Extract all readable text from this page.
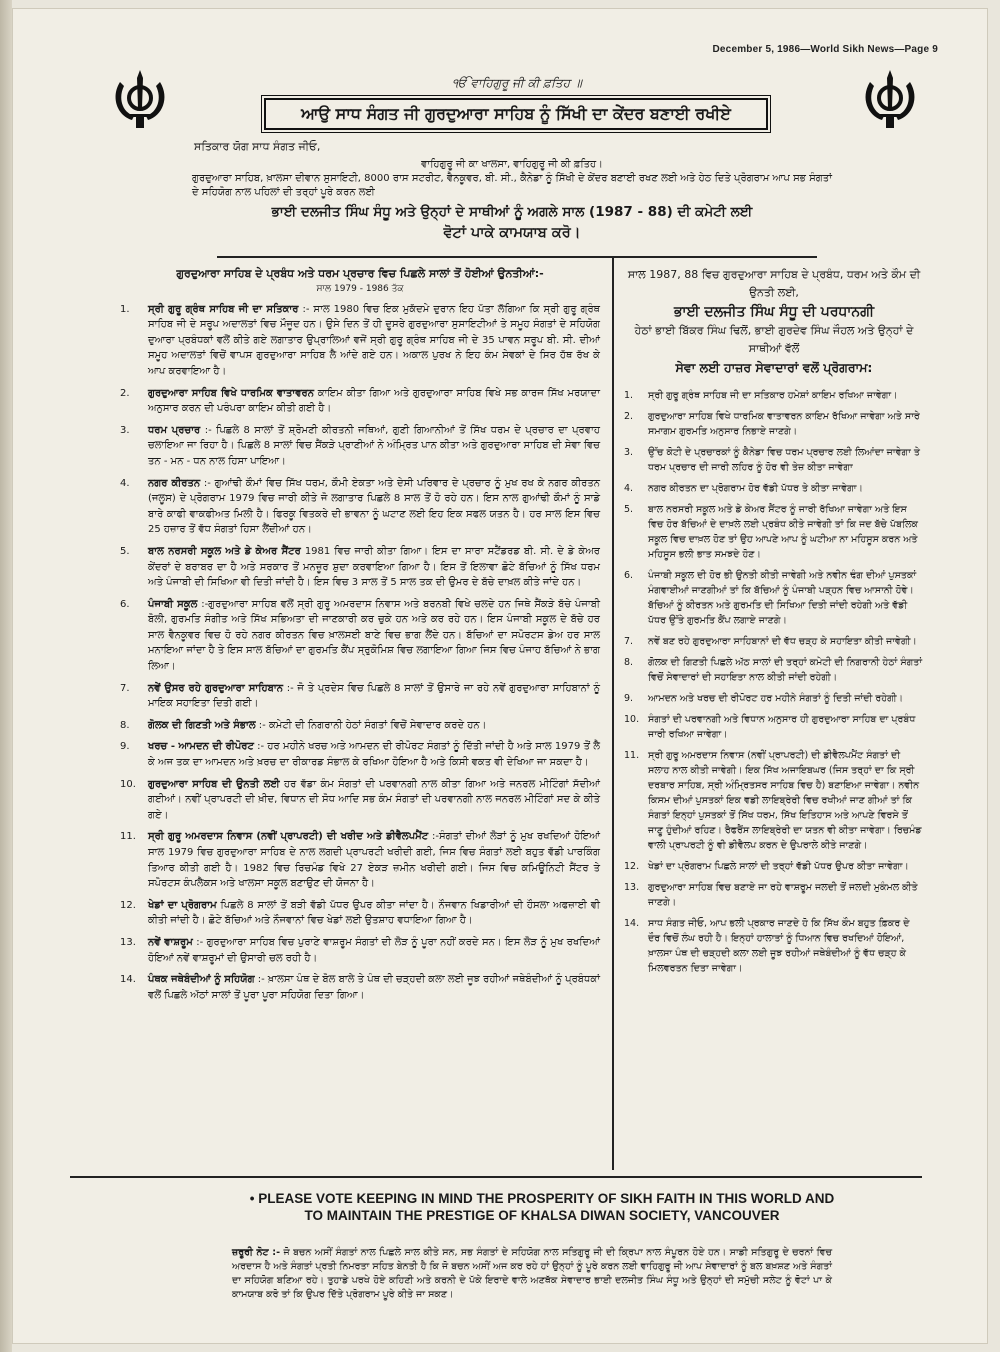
December 5, 1986—World Sikh News—Page 9
ੴ ਵਾਹਿਗੁਰੂ ਜੀ ਕੀ ਫ਼ਤਿਹ ॥
ਆਉ ਸਾਧ ਸੰਗਤ ਜੀ ਗੁਰਦੁਆਰਾ ਸਾਹਿਬ ਨੂੰ ਸਿੱਖੀ ਦਾ ਕੇਂਦਰ ਬਣਾਈ ਰਖੀਏ
ਸਤਿਕਾਰ ਯੋਗ ਸਾਧ ਸੰਗਤ ਜੀਓ,
ਵਾਹਿਗੁਰੂ ਜੀ ਕਾ ਖਾਲਸਾ, ਵਾਹਿਗੁਰੂ ਜੀ ਕੀ ਫ਼ਤਿਹ।
ਗੁਰਦੁਆਰਾ ਸਾਹਿਬ, ਖ਼ਾਲਸਾ ਦੀਵਾਨ ਸੁਸਾਇਟੀ, 8000 ਰਾਸ ਸਟਰੀਟ, ਵੈਨਕੂਵਰ, ਬੀ. ਸੀ., ਕੈਨੇਡਾ ਨੂੰ ਸਿੱਖੀ ਦੇ ਕੇਂਦਰ ਬਣਾਈ ਰਖਣ ਲਈ ਅਤੇ ਹੇਠ ਦਿਤੇ ਪ੍ਰੋਗਰਾਮ ਆਪ ਸਭ ਸੰਗਤਾਂ ਦੇ ਸਹਿਯੋਗ ਨਾਲ ਪਹਿਲਾਂ ਦੀ ਤਰ੍ਹਾਂ ਪੂਰੇ ਕਰਨ ਲਈ
ਭਾਈ ਦਲਜੀਤ ਸਿੰਘ ਸੰਧੂ ਅਤੇ ਉਨ੍ਹਾਂ ਦੇ ਸਾਥੀਆਂ ਨੂੰ ਅਗਲੇ ਸਾਲ (1987 - 88) ਦੀ ਕਮੇਟੀ ਲਈ
ਵੋਟਾਂ ਪਾਕੇ ਕਾਮਯਾਬ ਕਰੋ।
ਗੁਰਦੁਆਰਾ ਸਾਹਿਬ ਦੇ ਪ੍ਰਬੰਧ ਅਤੇ ਧਰਮ ਪ੍ਰਚਾਰ ਵਿਚ ਪਿਛਲੇ ਸਾਲਾਂ ਤੋਂ ਹੋਈਆਂ ਉਨਤੀਆਂ:-
ਸਾਲ 1979 - 1986 ਤੱਕ
1.	ਸ੍ਰੀ ਗੁਰੂ ਗ੍ਰੰਥ ਸਾਹਿਬ ਜੀ ਦਾ ਸਤਿਕਾਰ :- ਸਾਲ 1980 ਵਿਚ ਇਕ ਮੁਕੱਦਮੇ ਦੁਰਾਨ ਇਹ ਪੱਤਾ ਲੱਗਿਆ ਕਿ ਸ੍ਰੀ ਗੁਰੂ ਗ੍ਰੰਥ ਸਾਹਿਬ ਜੀ ਦੇ ਸਰੂਪ ਅਦਾਲਤਾਂ ਵਿਚ ਮੌਜੂਦ ਹਨ। ਉਸੇ ਦਿਨ ਤੋਂ ਹੀ ਦੂਸਰੇ ਗੁਰਦੁਆਰਾ ਸੁਸਾਇਟੀਆਂ ਤੇ ਸਮੂਹ ਸੰਗਤਾਂ ਦੇ ਸਹਿਯੋਗ ਦੁਆਰਾ ਪ੍ਰਬੰਧਕਾਂ ਵਲੋਂ ਕੀਤੇ ਗਏ ਲਗਾਤਾਰ ਉਪ੍ਰਾਲਿਆਂ ਵਜੋਂ ਸ੍ਰੀ ਗੁਰੂ ਗ੍ਰੰਥ ਸਾਹਿਬ ਜੀ ਦੇ 35 ਪਾਵਨ ਸਰੂਪ ਬੀ. ਸੀ. ਦੀਆਂ ਸਮੂਹ ਅਦਾਲਤਾਂ ਵਿਚੋਂ ਵਾਪਸ ਗੁਰਦੁਆਰਾ ਸਾਹਿਬ ਲੈ ਆਂਦੇ ਗਏ ਹਨ। ਅਕਾਲ ਪੁਰਖ ਨੇ ਇਹ ਕੰਮ ਸੇਵਕਾਂ ਦੇ ਸਿਰ ਹੱਥ ਰੱਖ ਕੇ ਆਪ ਕਰਵਾਇਆ ਹੈ।
2.	ਗੁਰਦੁਆਰਾ ਸਾਹਿਬ ਵਿਖੇ ਧਾਰਮਿਕ ਵਾਤਾਵਰਨ ਕਾਇਮ ਕੀਤਾ ਗਿਆ ਅਤੇ ਗੁਰਦੁਆਰਾ ਸਾਹਿਬ ਵਿਖੇ ਸਭ ਕਾਰਜ ਸਿੱਖ ਮਰਯਾਦਾ ਅਨੁਸਾਰ ਕਰਨ ਦੀ ਪਰੰਪਰਾ ਕਾਇਮ ਕੀਤੀ ਗਈ ਹੈ।
3.	ਧਰਮ ਪ੍ਰਚਾਰ :- ਪਿਛਲੇ 8 ਸਾਲਾਂ ਤੋਂ ਸ਼੍ਰੋਮਣੀ ਕੀਰਤਨੀ ਜਥਿਆਂ, ਗੁਣੀ ਗਿਆਨੀਆਂ ਤੋਂ ਸਿੱਖ ਧਰਮ ਦੇ ਪ੍ਰਚਾਰ ਦਾ ਪ੍ਰਵਾਹ ਚਲਾਇਆ ਜਾ ਰਿਹਾ ਹੈ। ਪਿਛਲੇ 8 ਸਾਲਾਂ ਵਿਚ ਸੈਂਕੜੇ ਪ੍ਰਾਣੀਆਂ ਨੇ ਅੰਮ੍ਰਿਤ ਪਾਨ ਕੀਤਾ ਅਤੇ ਗੁਰਦੁਆਰਾ ਸਾਹਿਬ ਦੀ ਸੇਵਾ ਵਿਚ ਤਨ - ਮਨ - ਧਨ ਨਾਲ ਹਿਸਾ ਪਾਇਆ।
4.	ਨਗਰ ਕੀਰਤਨ :- ਗੁਆਂਢੀ ਕੌਮਾਂ ਵਿਚ ਸਿੱਖ ਧਰਮ, ਕੌਮੀ ਏਕਤਾ ਅਤੇ ਦੇਸੀ ਪਰਿਵਾਰ ਦੇ ਪ੍ਰਚਾਰ ਨੂੰ ਮੁਖ ਰਖ ਕੇ ਨਗਰ ਕੀਰਤਨ (ਜਲੂਸ) ਦੇ ਪ੍ਰੋਗਰਾਮ 1979 ਵਿਚ ਜਾਰੀ ਕੀਤੇ ਜੋ ਲਗਾਤਾਰ ਪਿਛਲੇ 8 ਸਾਲ ਤੋਂ ਹੋ ਰਹੇ ਹਨ। ਇਸ ਨਾਲ ਗੁਆਂਢੀ ਕੌਮਾਂ ਨੂੰ ਸਾਡੇ ਬਾਰੇ ਕਾਫੀ ਵਾਕਫੀਅਤ ਮਿਲੀ ਹੈ। ਫਿਰਕੂ ਵਿਤਕਰੇ ਦੀ ਭਾਵਨਾ ਨੂੰ ਘਟਾਣ ਲਈ ਇਹ ਇਕ ਸਫਲ ਯਤਨ ਹੈ। ਹਰ ਸਾਲ ਇਸ ਵਿਚ 25 ਹਜ਼ਾਰ ਤੋਂ ਵੱਧ ਸੰਗਤਾਂ ਹਿਸਾ ਲੈਂਦੀਆਂ ਹਨ।
5.	ਬਾਲ ਨਰਸਰੀ ਸਕੂਲ ਅਤੇ ਡੇ ਕੇਅਰ ਸੈਂਟਰ 1981 ਵਿਚ ਜਾਰੀ ਕੀਤਾ ਗਿਆ। ਇਸ ਦਾ ਸਾਰਾ ਸਟੈਂਡਰਡ ਬੀ. ਸੀ. ਦੇ ਡੇ ਕੇਅਰ ਕੇਂਦਰਾਂ ਦੇ ਬਰਾਬਰ ਦਾ ਹੈ ਅਤੇ ਸਰਕਾਰ ਤੋਂ ਮਨਜ਼ੂਰ ਸ਼ੁਦਾ ਕਰਵਾਇਆ ਗਿਆ ਹੈ। ਇਸ ਤੋਂ ਇਲਾਵਾ ਛੋਟੇ ਬੱਚਿਆਂ ਨੂੰ ਸਿੱਖ ਧਰਮ ਅਤੇ ਪੰਜਾਬੀ ਦੀ ਸਿਖਿਆ ਵੀ ਦਿਤੀ ਜਾਂਦੀ ਹੈ। ਇਸ ਵਿਚ 3 ਸਾਲ ਤੋਂ 5 ਸਾਲ ਤਕ ਦੀ ਉਮਰ ਦੇ ਬੱਚੇ ਦਾਖ਼ਲ ਕੀਤੇ ਜਾਂਦੇ ਹਨ।
6.	ਪੰਜਾਬੀ ਸਕੂਲ :-ਗੁਰਦੁਆਰਾ ਸਾਹਿਬ ਵਲੋਂ ਸ੍ਰੀ ਗੁਰੂ ਅਮਰਦਾਸ ਨਿਵਾਸ ਅਤੇ ਬਰਨਬੀ ਵਿਖੇ ਚਲਦੇ ਹਨ ਜਿਥੇ ਸੈਂਕੜੇ ਬੱਚੇ ਪੰਜਾਬੀ ਬੋਲੀ, ਗੁਰਮਤਿ ਸੰਗੀਤ ਅਤੇ ਸਿੱਖ ਸਭਿਅਤਾ ਦੀ ਜਾਣਕਾਰੀ ਕਰ ਚੁਕੇ ਹਨ ਅਤੇ ਕਰ ਰਹੇ ਹਨ। ਇਸ ਪੰਜਾਬੀ ਸਕੂਲ ਦੇ ਬੱਚੇ ਹਰ ਸਾਲ ਵੈਨਕੂਵਰ ਵਿਚ ਹੋ ਰਹੇ ਨਗਰ ਕੀਰਤਨ ਵਿਚ ਖ਼ਾਲਸਈ ਬਾਣੇ ਵਿਚ ਭਾਗ ਲੈਂਦੇ ਹਨ। ਬੱਚਿਆਂ ਦਾ ਸਪੋਰਟਸ ਡੇਅ ਹਰ ਸਾਲ ਮਨਾਇਆ ਜਾਂਦਾ ਹੈ ਤੇ ਇਸ ਸਾਲ ਬੱਚਿਆਂ ਦਾ ਗੁਰਮਤਿ ਕੈਂਪ ਸ੍ਰੁਕੋਮਿਸ਼ ਵਿਚ ਲਗਾਇਆ ਗਿਆ ਜਿਸ ਵਿਚ ਪੰਜਾਹ ਬੱਚਿਆਂ ਨੇ ਭਾਗ ਲਿਆ।
7.	ਨਵੇਂ ਉਸਰ ਰਹੇ ਗੁਰਦੁਆਰਾ ਸਾਹਿਬਾਨ :- ਜੋ ਤੇ ਪ੍ਰਦੇਸ ਵਿਚ ਪਿਛਲੇ 8 ਸਾਲਾਂ ਤੋਂ ਉਸਾਰੇ ਜਾ ਰਹੇ ਨਵੇਂ ਗੁਰਦੁਆਰਾ ਸਾਹਿਬਾਨਾਂ ਨੂੰ ਮਾਇਕ ਸਹਾਇਤਾ ਦਿਤੀ ਗਈ।
8.	ਗੋਲਕ ਦੀ ਗਿਣਤੀ ਅਤੇ ਸੰਭਾਲ :- ਕਮੇਟੀ ਦੀ ਨਿਗਰਾਨੀ ਹੇਠਾਂ ਸੰਗਤਾਂ ਵਿਚੋਂ ਸੇਵਾਦਾਰ ਕਰਦੇ ਹਨ।
9.	ਖਰਚ - ਆਮਦਨ ਦੀ ਰੀਪੋਰਟ :- ਹਰ ਮਹੀਨੇ ਖਰਚ ਅਤੇ ਆਮਦਨ ਦੀ ਰੀਪੋਰਟ ਸੰਗਤਾਂ ਨੂੰ ਦਿੱਤੀ ਜਾਂਦੀ ਹੈ ਅਤੇ ਸਾਲ 1979 ਤੋਂ ਲੈ ਕੇ ਅਜ ਤਕ ਦਾ ਆਮਦਨ ਅਤੇ ਖ਼ਰਚ ਦਾ ਰੀਕਾਰਡ ਸੰਭਾਲ ਕੇ ਰਖਿਆ ਹੋਇਆ ਹੈ ਅਤੇ ਕਿਸੀ ਵਕਤ ਵੀ ਦੇਖਿਆ ਜਾ ਸਕਦਾ ਹੈ।
10.	ਗੁਰਦੁਆਰਾ ਸਾਹਿਬ ਦੀ ਉਨਤੀ ਲਈ ਹਰ ਵੱਡਾ ਕੰਮ ਸੰਗਤਾਂ ਦੀ ਪਰਵਾਨਗੀ ਨਾਲ ਕੀਤਾ ਗਿਆ ਅਤੇ ਜਨਰਲ ਮੀਟਿੰਗਾਂ ਸੱਦੀਆਂ ਗਈਆਂ। ਨਵੀਂ ਪ੍ਰਾਪਰਟੀ ਦੀ ਖ਼ੀਦ, ਵਿਧਾਨ ਦੀ ਸੋਧ ਆਦਿ ਸਭ ਕੰਮ ਸੰਗਤਾਂ ਦੀ ਪਰਵਾਨਗੀ ਨਾਲ ਜਨਰਲ ਮੀਟਿੰਗਾਂ ਸਦ ਕੇ ਕੀਤੇ ਗਏ।
11.	ਸ੍ਰੀ ਗੁਰੂ ਅਮਰਦਾਸ ਨਿਵਾਸ (ਨਵੀਂ ਪ੍ਰਾਪਰਟੀ) ਦੀ ਖਰੀਦ ਅਤੇ ਡੀਵੈਲਪਮੈਂਟ :-ਸੰਗਤਾਂ ਦੀਆਂ ਲੋੜਾਂ ਨੂੰ ਮੁਖ ਰਖਦਿਆਂ ਹੋਇਆਂ ਸਾਲ 1979 ਵਿਚ ਗੁਰਦੁਆਰਾ ਸਾਹਿਬ ਦੇ ਨਾਲ ਲਗਦੀ ਪ੍ਰਾਪਰਟੀ ਖਰੀਦੀ ਗਈ, ਜਿਸ ਵਿਚ ਸੰਗਤਾਂ ਲਈ ਬਹੁਤ ਵੱਡੀ ਪਾਰਕਿੰਗ ਤਿਆਰ ਕੀਤੀ ਗਈ ਹੈ। 1982 ਵਿਚ ਰਿਚਮੰਡ ਵਿਖੇ 27 ਏਕੜ ਜ਼ਮੀਨ ਖਰੀਦੀ ਗਈ। ਜਿਸ ਵਿਚ ਕਮਿਊਨਿਟੀ ਸੈਂਟਰ ਤੇ ਸਪੋਰਟਸ ਕੰਪਲੈਕਸ ਅਤੇ ਖਾਲਸਾ ਸਕੂਲ ਬਣਾਉਣ ਦੀ ਯੋਜਨਾ ਹੈ।
12.	ਖੇਡਾਂ ਦਾ ਪ੍ਰੋਗਰਾਮ ਪਿਛਲੇ 8 ਸਾਲਾਂ ਤੋਂ ਬੜੀ ਵੱਡੀ ਪੱਧਰ ਉਪਰ ਕੀਤਾ ਜਾਂਦਾ ਹੈ। ਨੌਜਵਾਨ ਖਿਡਾਰੀਆਂ ਦੀ ਹੌਸਲਾ ਅਫਜ਼ਾਈ ਵੀ ਕੀਤੀ ਜਾਂਦੀ ਹੈ। ਛੋਟੇ ਬੱਚਿਆਂ ਅਤੇ ਨੌਜਵਾਨਾਂ ਵਿਚ ਖੇਡਾਂ ਲਈ ਉਤਸ਼ਾਹ ਵਧਾਇਆ ਗਿਆ ਹੈ।
13.	ਨਵੇਂ ਵਾਸ਼ਰੂਮ :- ਗੁਰਦੁਆਰਾ ਸਾਹਿਬ ਵਿਚ ਪੁਰਾਣੇ ਵਾਸ਼ਰੂਮ ਸੰਗਤਾਂ ਦੀ ਲੋੜ ਨੂੰ ਪੂਰਾ ਨਹੀਂ ਕਰਦੇ ਸਨ। ਇਸ ਲੋੜ ਨੂੰ ਮੁਖ ਰਖਦਿਆਂ ਹੋਇਆਂ ਨਵੇਂ ਵਾਸ਼ਰੂਮਾਂ ਦੀ ਉਸਾਰੀ ਚਲ ਰਹੀ ਹੈ।
14.	ਪੰਥਕ ਜਥੇਬੰਦੀਆਂ ਨੂੰ ਸਹਿਯੋਗ :- ਖ਼ਾਲਸਾ ਪੰਥ ਦੇ ਬੋਲ ਬਾਲੇ ਤੇ ਪੰਥ ਦੀ ਚੜ੍ਹਦੀ ਕਲਾ ਲਈ ਜੂਝ ਰਹੀਆਂ ਜਥੇਬੰਦੀਆਂ ਨੂੰ ਪ੍ਰਬੰਧਕਾਂ ਵਲੋਂ ਪਿਛਲੇ ਅੱਠਾਂ ਸਾਲਾਂ ਤੋਂ ਪੂਰਾ ਪੂਰਾ ਸਹਿਯੋਗ ਦਿਤਾ ਗਿਆ।
ਸਾਲ 1987, 88 ਵਿਚ ਗੁਰਦੁਆਰਾ ਸਾਹਿਬ ਦੇ ਪ੍ਰਬੰਧ, ਧਰਮ ਅਤੇ ਕੌਮ ਦੀ ਉਨਤੀ ਲਈ,
ਭਾਈ ਦਲਜੀਤ ਸਿੰਘ ਸੰਧੂ ਦੀ ਪਰਧਾਨਗੀ
ਹੇਠਾਂ ਭਾਈ ਬਿੱਕਰ ਸਿੰਘ ਢਿਲੋਂ, ਭਾਈ ਗੁਰਦੇਵ ਸਿੰਘ ਜੌਹਲ ਅਤੇ ਉਨ੍ਹਾਂ ਦੇ ਸਾਥੀਆਂ ਵੱਲੋਂ
ਸੇਵਾ ਲਈ ਹਾਜ਼ਰ ਸੇਵਾਦਾਰਾਂ ਵਲੋਂ ਪ੍ਰੋਗਰਾਮ:
1.	ਸ੍ਰੀ ਗੁਰੂ ਗ੍ਰੰਥ ਸਾਹਿਬ ਜੀ ਦਾ ਸਤਿਕਾਰ ਹਮੇਸ਼ਾਂ ਕਾਇਮ ਰਖਿਆ ਜਾਵੇਗਾ।
2.	ਗੁਰਦੁਆਰਾ ਸਾਹਿਬ ਵਿਖੇ ਧਾਰਮਿਕ ਵਾਤਾਵਰਨ ਕਾਇਮ ਰੱਖਿਆ ਜਾਵੇਗਾ ਅਤੇ ਸਾਰੇ ਸਮਾਗਮ ਗੁਰਮਤਿ ਅਨੁਸਾਰ ਨਿਭਾਏ ਜਾਣਗੇ।
3.	ਉੱਚ ਕੋਟੀ ਦੇ ਪ੍ਰਚਾਰਕਾਂ ਨੂੰ ਕੈਨੇਡਾ ਵਿਚ ਧਰਮ ਪ੍ਰਚਾਰ ਲਈ ਲਿਆਂਦਾ ਜਾਵੇਗਾ ਤੇ ਧਰਮ ਪ੍ਰਚਾਰ ਦੀ ਜਾਰੀ ਲਹਿਰ ਨੂੰ ਹੋਰ ਵੀ ਤੇਜ਼ ਕੀਤਾ ਜਾਵੇਗਾ
4.	ਨਗਰ ਕੀਰਤਨ ਦਾ ਪ੍ਰੋਗਰਾਮ ਹੋਰ ਵੱਡੀ ਪੱਧਰ ਤੇ ਕੀਤਾ ਜਾਵੇਗਾ।
5.	ਬਾਲ ਨਰਸਰੀ ਸਕੂਲ ਅਤੇ ਡੇ ਕੇਅਰ ਸੈਂਟਰ ਨੂੰ ਜਾਰੀ ਰੱਖਿਆ ਜਾਵੇਗਾ ਅਤੇ ਇਸ ਵਿਚ ਹੋਰ ਬੱਚਿਆਂ ਦੇ ਦਾਖ਼ਲੇ ਲਈ ਪ੍ਰਬੰਧ ਕੀਤੇ ਜਾਵੇਗੀ ਤਾਂ ਕਿ ਜਦ ਬੱਚੇ ਪੱਬਲਿਕ ਸਕੂਲ ਵਿਚ ਦਾਖ਼ਲ ਹੋਣ ਤਾਂ ਉਹ ਆਪਣੇ ਆਪ ਨੂੰ ਘਟੀਆ ਨਾ ਮਹਿਸੂਸ ਕਰਨ ਅਤੇ ਮਹਿਸੂਸ ਭਲੀ ਭਾਤ ਸਮਝਦੇ ਹੋਣ।
6.	ਪੰਜਾਬੀ ਸਕੂਲ ਦੀ ਹੋਰ ਭੀ ਉਨਤੀ ਕੀਤੀ ਜਾਵੇਗੀ ਅਤੇ ਨਵੀਨ ਢੰਗ ਦੀਆਂ ਪੁਸਤਕਾਂ ਮੰਗਵਾਈਆਂ ਜਾਣਗੀਆਂ ਤਾਂ ਕਿ ਬੱਚਿਆਂ ਨੂੰ ਪੰਜਾਬੀ ਪੜ੍ਹਨ ਵਿਚ ਆਸਾਨੀ ਹੋਵੇ। ਬੱਚਿਆਂ ਨੂੰ ਕੀਰਤਨ ਅਤੇ ਗੁਰਮਤਿ ਦੀ ਸਿਖਿਆ ਦਿਤੀ ਜਾਂਦੀ ਰਹੇਗੀ ਅਤੇ ਵੱਡੀ ਪੱਧਰ ਉੱਤੇ ਗੁਰਮਤਿ ਕੈਂਪ ਲਗਾਏ ਜਾਣਗੇ।
7.	ਨਵੇਂ ਬਣ ਰਹੇ ਗੁਰਦੁਆਰਾ ਸਾਹਿਬਾਨਾਂ ਦੀ ਵੱਧ ਚੜ੍ਹ ਕੇ ਸਹਾਇਤਾ ਕੀਤੀ ਜਾਵੇਗੀ।
8.	ਗੋਲਕ ਦੀ ਗਿਣਤੀ ਪਿਛਲੇ ਅੱਠ ਸਾਲਾਂ ਦੀ ਤਰ੍ਹਾਂ ਕਮੇਟੀ ਦੀ ਨਿਗਰਾਨੀ ਹੇਠਾਂ ਸੰਗਤਾਂ ਵਿਚੋਂ ਸੇਵਾਦਾਰਾਂ ਦੀ ਸਹਾਇਤਾ ਨਾਲ ਕੀਤੀ ਜਾਂਦੀ ਰਹੇਗੀ।
9.	ਆਮਦਨ ਅਤੇ ਖਰਚ ਦੀ ਰੀਪੋਰਟ ਹਰ ਮਹੀਨੇ ਸੰਗਤਾਂ ਨੂੰ ਦਿਤੀ ਜਾਂਦੀ ਰਹੇਗੀ।
10. ਸੰਗਤਾਂ ਦੀ ਪਰਵਾਨਗੀ ਅਤੇ ਵਿਧਾਨ ਅਨੁਸਾਰ ਹੀ ਗੁਰਦੁਆਰਾ ਸਾਹਿਬ ਦਾ ਪ੍ਰਬੰਧ ਜਾਰੀ ਰਖਿਆ ਜਾਵੇਗਾ।
11. ਸ੍ਰੀ ਗੁਰੂ ਅਮਰਦਾਸ ਨਿਵਾਸ (ਨਵੀਂ ਪ੍ਰਾਪਰਟੀ) ਦੀ ਡੀਵੈਲਪਮੈਂਟ ਸੰਗਤਾਂ ਦੀ ਸਲਾਹ ਨਾਲ ਕੀਤੀ ਜਾਵੇਗੀ। ਇਕ ਸਿੱਖ ਅਜਾਇਬਘਰ (ਜਿਸ ਤਰ੍ਹਾਂ ਦਾ ਕਿ ਸ੍ਰੀ ਦਰਬਾਰ ਸਾਹਿਬ, ਸ੍ਰੀ ਅੰਮ੍ਰਿਤਸਰ ਸਾਹਿਬ ਵਿਚ ਹੈ) ਬਣਾਇਆ ਜਾਵੇਗਾ। ਨਵੀਨ ਕਿਸਮ ਦੀਆਂ ਪੁਸਤਕਾਂ ਇਕ ਵਡੀ ਲਾਇਬ੍ਰੇਰੀ ਵਿਚ ਰਖੀਆਂ ਜਾਣ ਗੀਆਂ ਤਾਂ ਕਿ ਸੰਗਤਾਂ ਇਨ੍ਹਾਂ ਪੁਸਤਕਾਂ ਤੋਂ ਸਿੱਖ ਧਰਮ, ਸਿੱਖ ਇਤਿਹਾਸ ਅਤੇ ਆਪਣੇ ਵਿਰਸੇ ਤੋਂ ਜਾਣੂ ਹੁੰਦੀਆਂ ਰਹਿਣ। ਰੈਫਰੈਂਸ ਲਾਇਬ੍ਰੇਰੀ ਦਾ ਯਤਨ ਵੀ ਕੀਤਾ ਜਾਵੇਗਾ। ਰਿਚਮੰਡ ਵਾਲੀ ਪ੍ਰਾਪਰਟੀ ਨੂੰ ਵੀ ਡੀਵੈਲਪ ਕਰਨ ਦੇ ਉਪਰਾਲੇ ਕੀਤੇ ਜਾਣਗੇ।
12. ਖੇਡਾਂ ਦਾ ਪ੍ਰੋਗਰਾਮ ਪਿਛਲੇ ਸਾਲਾਂ ਦੀ ਤਰ੍ਹਾਂ ਵੱਡੀ ਪੱਧਰ ਉਪਰ ਕੀਤਾ ਜਾਵੇਗਾ।
13. ਗੁਰਦੁਆਰਾ ਸਾਹਿਬ ਵਿਚ ਬਣਾਏ ਜਾ ਰਹੇ ਵਾਸ਼ਰੂਮ ਜਲਦੀ ਤੋਂ ਜਲਦੀ ਮੁਕੰਮਲ ਕੀਤੇ ਜਾਣਗੇ।
14. ਸਾਧ ਸੰਗਤ ਜੀਓ, ਆਪ ਭਲੀ ਪ੍ਰਕਾਰ ਜਾਣਦੇ ਹੋ ਕਿ ਸਿੱਖ ਕੌਮ ਬਹੁਤ ਫ਼ਿਕਰ ਦੇ ਦੌਰ ਵਿਚੋਂ ਲੰਘ ਰਹੀ ਹੈ। ਇਨ੍ਹਾਂ ਹਾਲਾਤਾਂ ਨੂੰ ਧਿਆਨ ਵਿਚ ਰਖਦਿਆਂ ਹੋਇਆਂ, ਖ਼ਾਲਸਾ ਪੰਥ ਦੀ ਚੜ੍ਹਦੀ ਕਲਾ ਲਈ ਜੂਝ ਰਹੀਆਂ ਜਥੇਬੰਦੀਆਂ ਨੂੰ ਵੱਧ ਚੜ੍ਹ ਕੇ ਮਿਲਵਰਤਨ ਦਿਤਾ ਜਾਵੇਗਾ।
• PLEASE VOTE KEEPING IN MIND THE PROSPERITY OF SIKH FAITH IN THIS WORLD AND TO MAINTAIN THE PRESTIGE OF KHALSA DIWAN SOCIETY, VANCOUVER
ਜ਼ਰੂਰੀ ਨੋਟ :- ਜੋ ਬਚਨ ਅਸੀਂ ਸੰਗਤਾਂ ਨਾਲ ਪਿਛਲੇ ਸਾਲ ਕੀਤੇ ਸਨ, ਸਭ ਸੰਗਤਾਂ ਦੇ ਸਹਿਯੋਗ ਨਾਲ ਸਤਿਗੁਰੂ ਜੀ ਦੀ ਕ੍ਰਿਪਾ ਨਾਲ ਸੰਪੂਰਨ ਹੋਏ ਹਨ। ਸਾਡੀ ਸਤਿਗੁਰੂ ਦੇ ਚਰਨਾਂ ਵਿਚ ਅਰਦਾਸ ਹੈ ਅਤੇ ਸੰਗਤਾਂ ਪ੍ਰਤੀ ਨਿਮਰਤਾ ਸਹਿਤ ਬੇਨਤੀ ਹੈ ਕਿ ਜੋ ਬਚਨ ਅਸੀਂ ਅਜ ਕਰ ਰਹੇ ਹਾਂ ਉਨ੍ਹਾਂ ਨੂੰ ਪੂਰੇ ਕਰਨ ਲਈ ਵਾਹਿਗੁਰੂ ਜੀ ਆਪ ਸੇਵਾਦਾਰਾਂ ਨੂੰ ਬਲ ਬਖ਼ਸ਼ਣ ਅਤੇ ਸੰਗਤਾਂ ਦਾ ਸਹਿਯੋਗ ਬਣਿਆ ਰਹੇ। ਤੁਹਾਡੇ ਪਰਖੇ ਹੋਏ ਕਹਿਣੀ ਅਤੇ ਕਰਨੀ ਦੇ ਪੱਕੇ ਇਰਾਦੇ ਵਾਲੇ ਅਣਥੱਕ ਸੇਵਾਦਾਰ ਭਾਈ ਦਲਜੀਤ ਸਿੰਘ ਸੰਧੂ ਅਤੇ ਉਨ੍ਹਾਂ ਦੀ ਸਮੁੱਚੀ ਸਲੇਟ ਨੂੰ ਵੋਟਾਂ ਪਾ ਕੇ ਕਾਮਯਾਬ ਕਰੋ ਤਾਂ ਕਿ ਉਪਰ ਦਿੱਤੇ ਪ੍ਰੋਗਰਾਮ ਪੂਰੇ ਕੀਤੇ ਜਾ ਸਕਣ।
